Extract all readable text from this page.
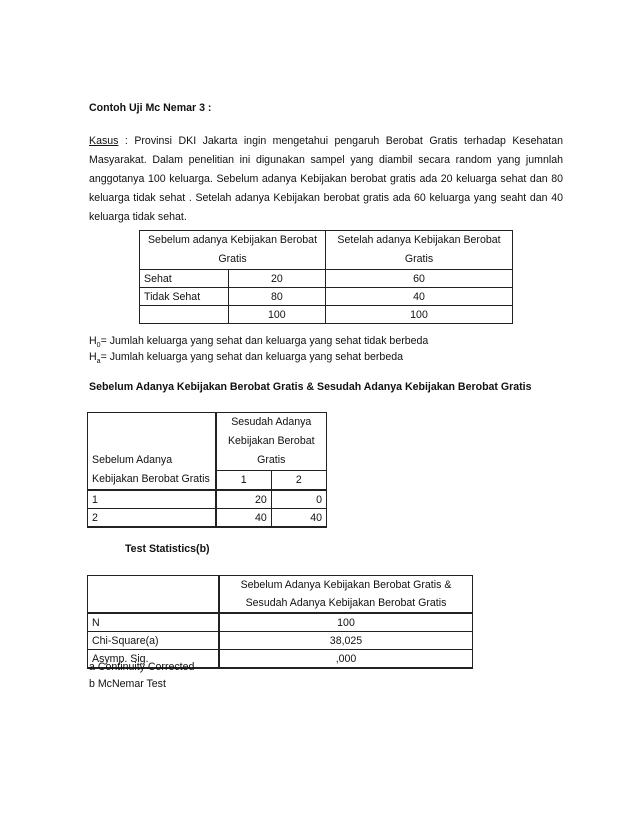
Contoh Uji Mc Nemar 3 :
Kasus : Provinsi DKI Jakarta ingin mengetahui pengaruh Berobat Gratis terhadap Kesehatan Masyarakat. Dalam penelitian ini digunakan sampel yang diambil secara random yang jumnlah anggotanya 100 keluarga. Sebelum adanya Kebijakan berobat gratis ada 20 keluarga sehat dan 80 keluarga tidak sehat . Setelah adanya Kebijakan berobat gratis ada 60 keluarga yang seaht dan 40 keluarga tidak sehat.
Sebelum adanya Kebijakan Berobat Gratis		Setelah adanya Kebijakan Berobat Gratis
Sehat	20	60
Tidak Sehat	80	40
	100	100
$H_0=$ Jumlah keluarga yang sehat dan keluarga yang sehat tidak berbeda
$H_a=$ Jumlah keluarga yang sehat dan keluarga yang sehat berbeda
Sebelum Adanya Kebijakan Berobat Gratis & Sesudah Adanya Kebijakan Berobat Gratis
Sebelum Adanya Kebijakan Berobat Gratis	Sesudah Adanya Kebijakan Berobat Gratis	
	1	2
1	20	0
2	40	40
Test Statistics(b)
	Sebelum Adanya Kebijakan Berobat Gratis & Sesudah Adanya Kebijakan Berobat Gratis
N	100
Chi-Square(a)	38,025
Asymp. Sig.	,000
a Continuity Corrected
b McNemar Test
